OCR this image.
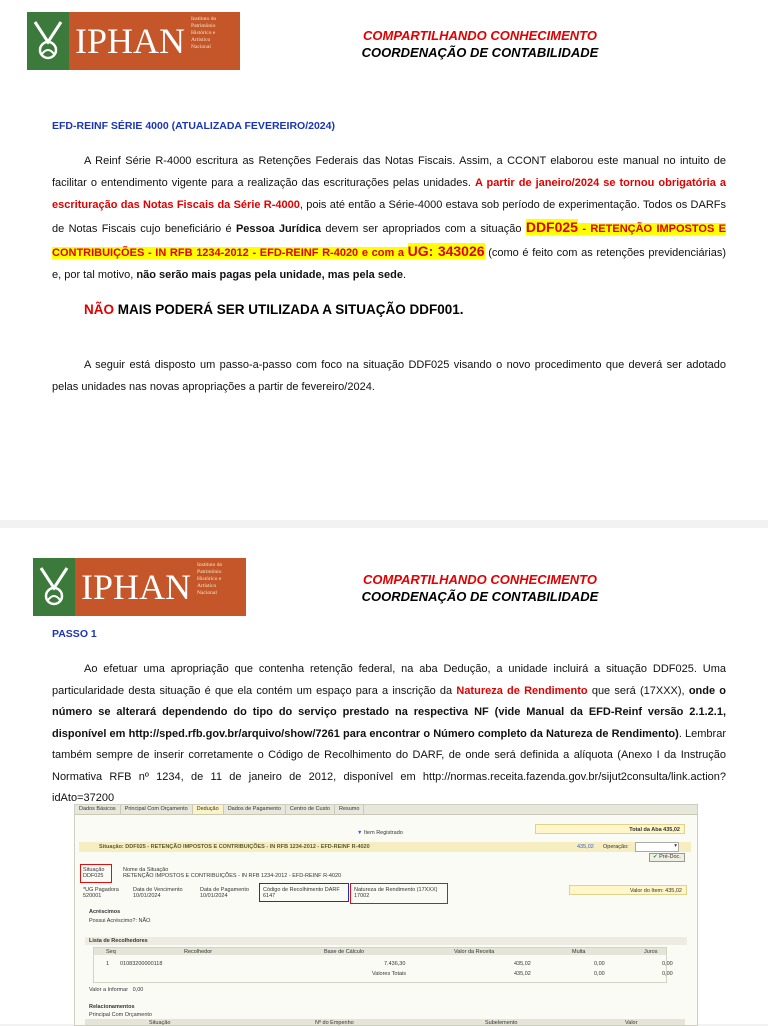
IPHAN
Instituto do
Patrimônio
Histórico e
Artístico
Nacional
COMPARTILHANDO CONHECIMENTO
COORDENAÇÃO DE CONTABILIDADE
EFD-REINF SÉRIE 4000 (ATUALIZADA FEVEREIRO/2024)
A Reinf Série R-4000 escritura as Retenções Federais das Notas Fiscais. Assim, a CCONT elaborou este manual no intuito de facilitar o entendimento vigente para a realização das escriturações pelas unidades. A partir de janeiro/2024 se tornou obrigatória a escrituração das Notas Fiscais da Série R-4000, pois até então a Série-4000 estava sob período de experimentação. Todos os DARFs de Notas Fiscais cujo beneficiário é Pessoa Jurídica devem ser apropriados com a situação DDF025 - RETENÇÃO IMPOSTOS E CONTRIBUIÇÕES - IN RFB 1234-2012 - EFD-REINF R-4020 e com a UG: 343026 (como é feito com as retenções previdenciárias) e, por tal motivo, não serão mais pagas pela unidade, mas pela sede.
NÃO MAIS PODERÁ SER UTILIZADA A SITUAÇÃO DDF001.
A seguir está disposto um passo-a-passo com foco na situação DDF025 visando o novo procedimento que deverá ser adotado pelas unidades nas novas apropriações a partir de fevereiro/2024.
IPHAN
Instituto do
Patrimônio
Histórico e
Artístico
Nacional
COMPARTILHANDO CONHECIMENTO
COORDENAÇÃO DE CONTABILIDADE
PASSO 1
Ao efetuar uma apropriação que contenha retenção federal, na aba Dedução, a unidade incluirá a situação DDF025. Uma particularidade desta situação é que ela contém um espaço para a inscrição da Natureza de Rendimento que será (17XXX), onde o número se alterará dependendo do tipo do serviço prestado na respectiva NF (vide Manual da EFD-Reinf versão 2.1.2.1, disponível em http://sped.rfb.gov.br/arquivo/show/7261 para encontrar o Número completo da Natureza de Rendimento). Lembrar também sempre de inserir corretamente o Código de Recolhimento do DARF, de onde será definida a alíquota (Anexo I da Instrução Normativa RFB nº 1234, de 11 de janeiro de 2012, disponível em http://normas.receita.fazenda.gov.br/sijut2consulta/link.action?idAto=37200
Dados Básicos	Principal Com Orçamento	Dedução	Dados de Pagamento	Centro de Custo	Resumo
▼ Item Registrado	Total da Aba 435,02
Situação: DDF025 - RETENÇÃO IMPOSTOS E CONTRIBUIÇÕES - IN RFB 1234-2012 - EFD-REINF R-4020	435,02 Operação:	▾
✔ Pré-Doc.
Situação
DDF025
Nome da Situação
RETENÇÃO IMPOSTOS E CONTRIBUIÇÕES - IN RFB 1234-2012 - EFD-REINF R-4020
*UG Pagadora
520001
Data de Vencimento
10/01/2024
Data de Pagamento
10/01/2024
Código de Recolhimento DARF
6147
Natureza de Rendimento (17XXX)
17002
Valor do Item: 435,02
Acréscimos
Possui Acréscimo?: NÃO
Lista de Recolhedores
Seq	Recolhedor	Base de Cálculo	Valor da Receita	Multa	Juros
1 01083200000118	7.436,30	435,02	0,00	0,00
Valores Totais	435,02	0,00	0,00
Valor a Informar 0,00
Relacionamentos
Principal Com Orçamento
Situação	Nº do Empenho	Subelemento	Valor
